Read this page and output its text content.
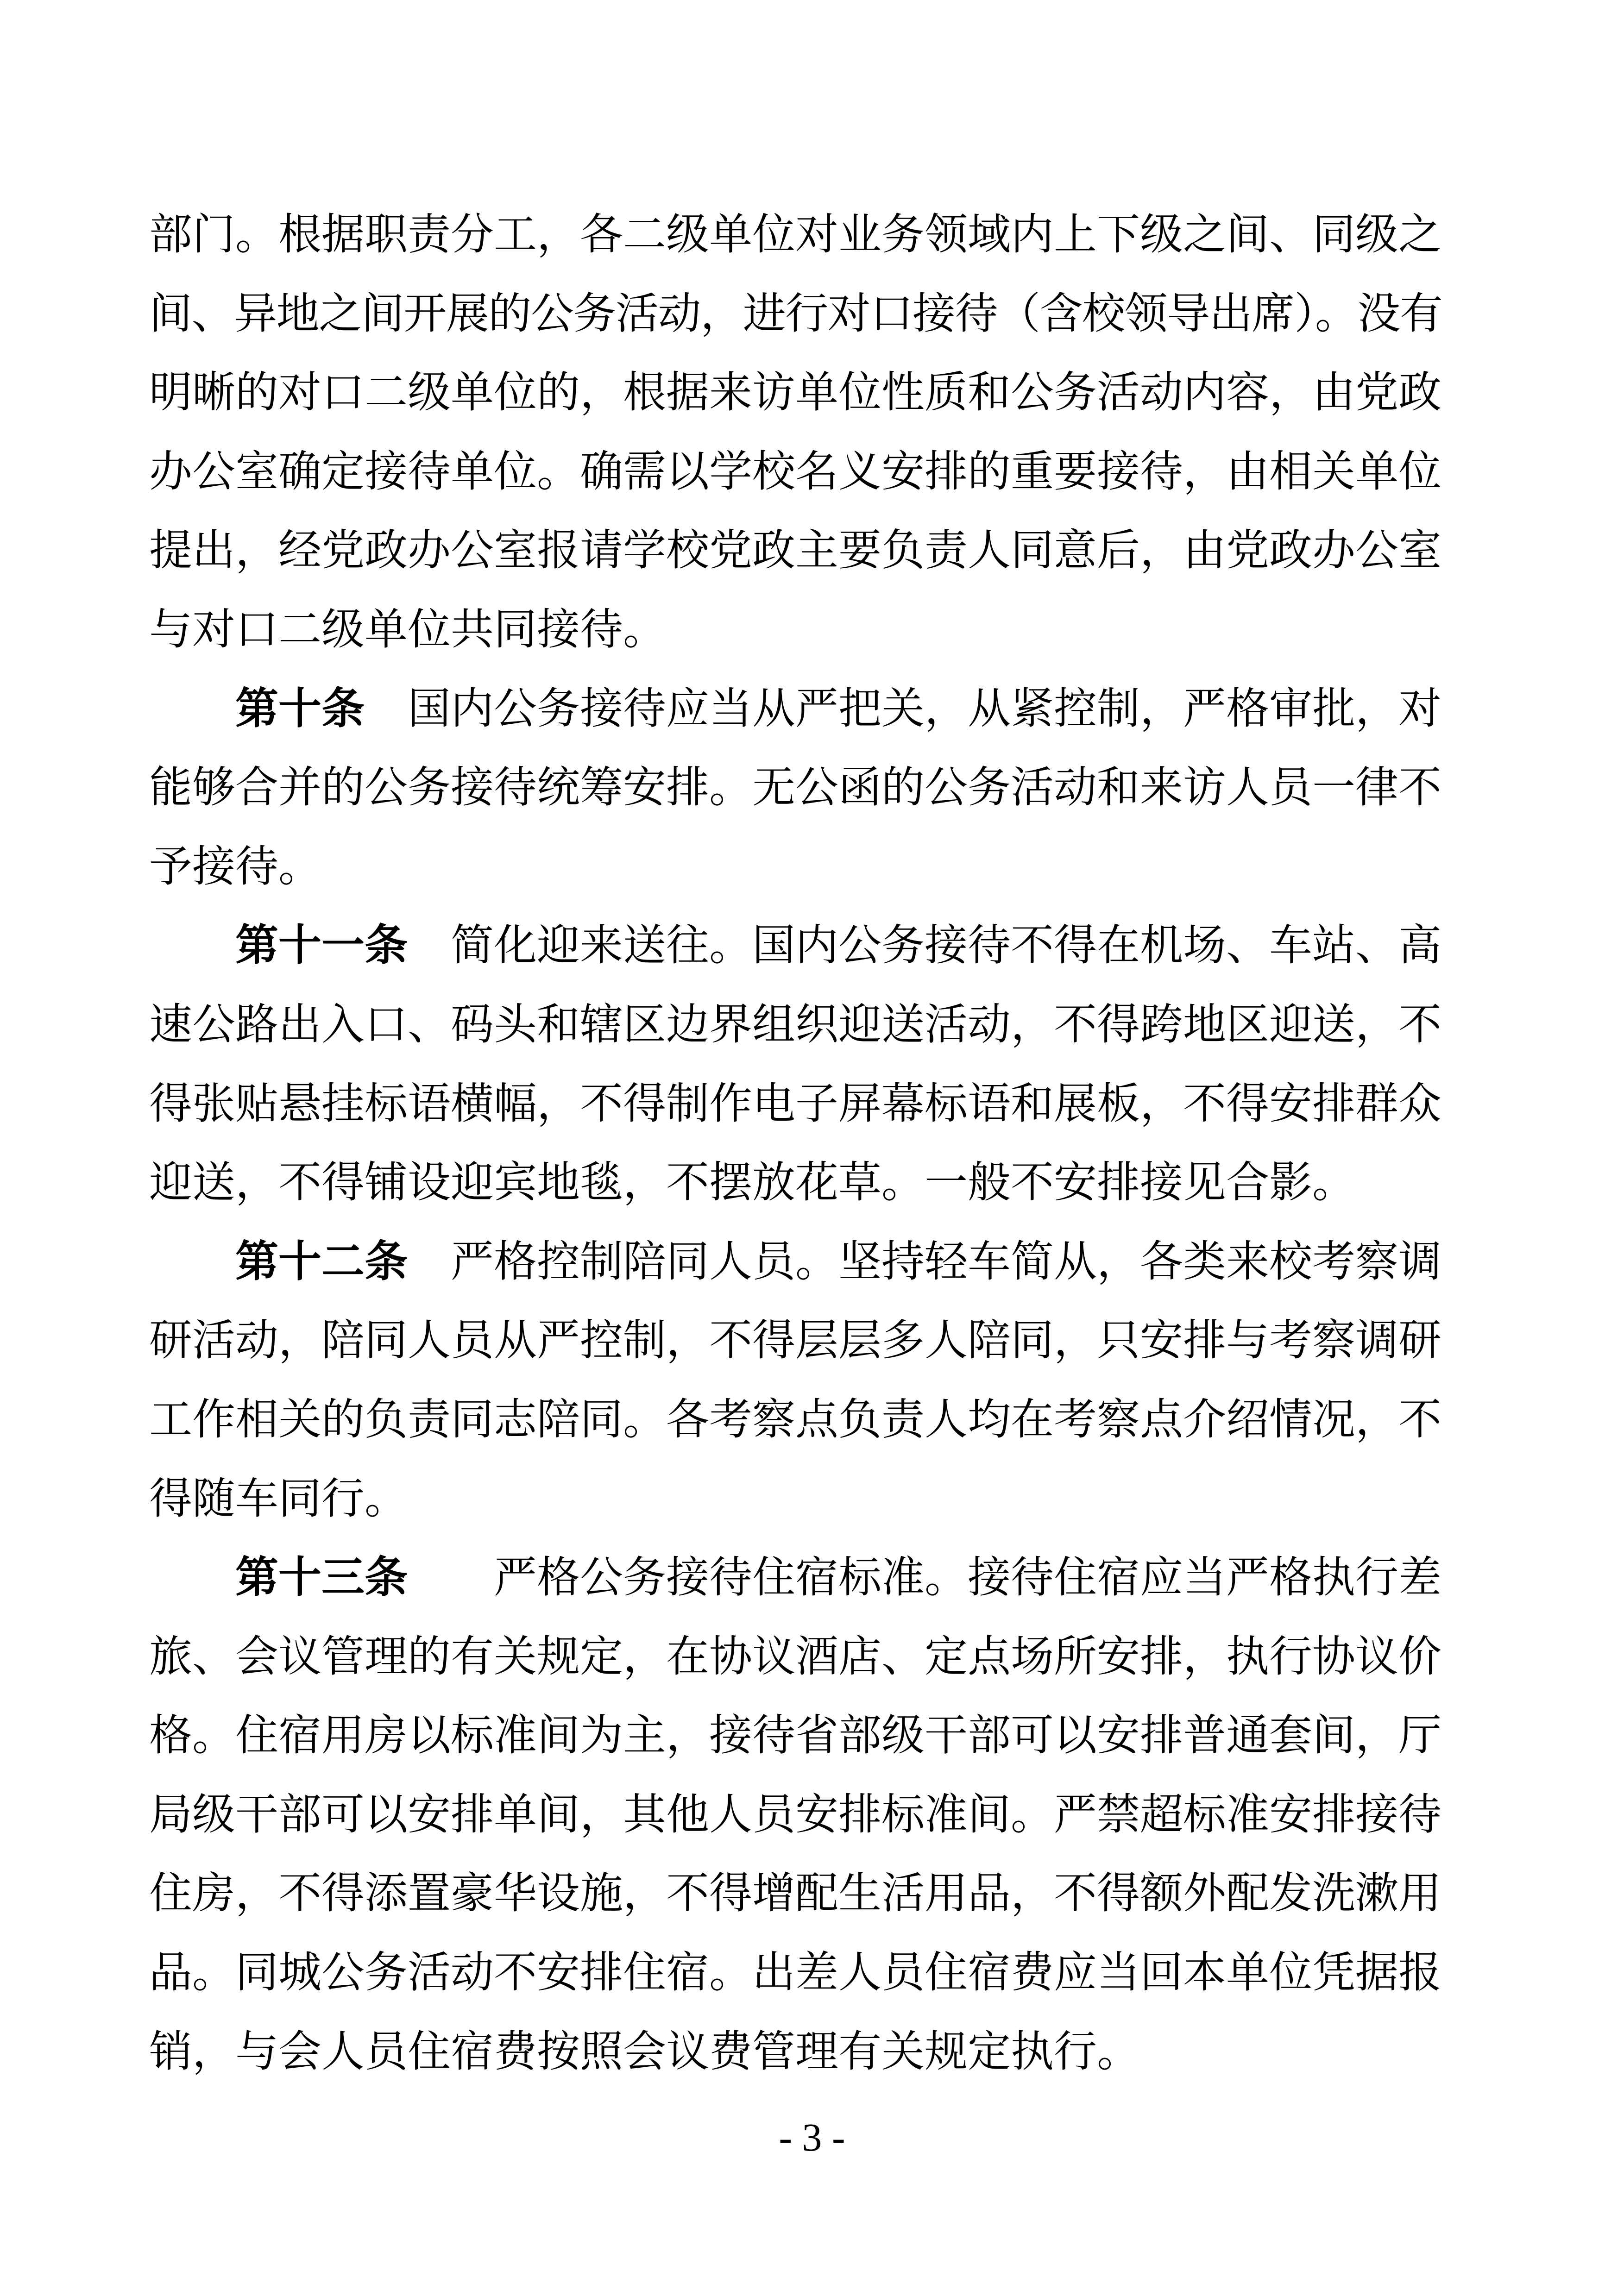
部门。根据职责分工，各二级单位对业务领域内上下级之间、同级之
间、异地之间开展的公务活动，进行对口接待（含校领导出席）。没有
明晰的对口二级单位的，根据来访单位性质和公务活动内容，由党政
办公室确定接待单位。确需以学校名义安排的重要接待，由相关单位
提出，经党政办公室报请学校党政主要负责人同意后，由党政办公室
与对口二级单位共同接待。
第十条　国内公务接待应当从严把关，从紧控制，严格审批，对
能够合并的公务接待统筹安排。无公函的公务活动和来访人员一律不
予接待。
第十一条　简化迎来送往。国内公务接待不得在机场、车站、高
速公路出入口、码头和辖区边界组织迎送活动，不得跨地区迎送，不
得张贴悬挂标语横幅，不得制作电子屏幕标语和展板，不得安排群众
迎送，不得铺设迎宾地毯，不摆放花草。一般不安排接见合影。
第十二条　严格控制陪同人员。坚持轻车简从，各类来校考察调
研活动，陪同人员从严控制，不得层层多人陪同，只安排与考察调研
工作相关的负责同志陪同。各考察点负责人均在考察点介绍情况，不
得随车同行。
第十三条　　严格公务接待住宿标准。接待住宿应当严格执行差
旅、会议管理的有关规定，在协议酒店、定点场所安排，执行协议价
格。住宿用房以标准间为主，接待省部级干部可以安排普通套间，厅
局级干部可以安排单间，其他人员安排标准间。严禁超标准安排接待
住房，不得添置豪华设施，不得增配生活用品，不得额外配发洗漱用
品。同城公务活动不安排住宿。出差人员住宿费应当回本单位凭据报
销，与会人员住宿费按照会议费管理有关规定执行。
- 3 -
